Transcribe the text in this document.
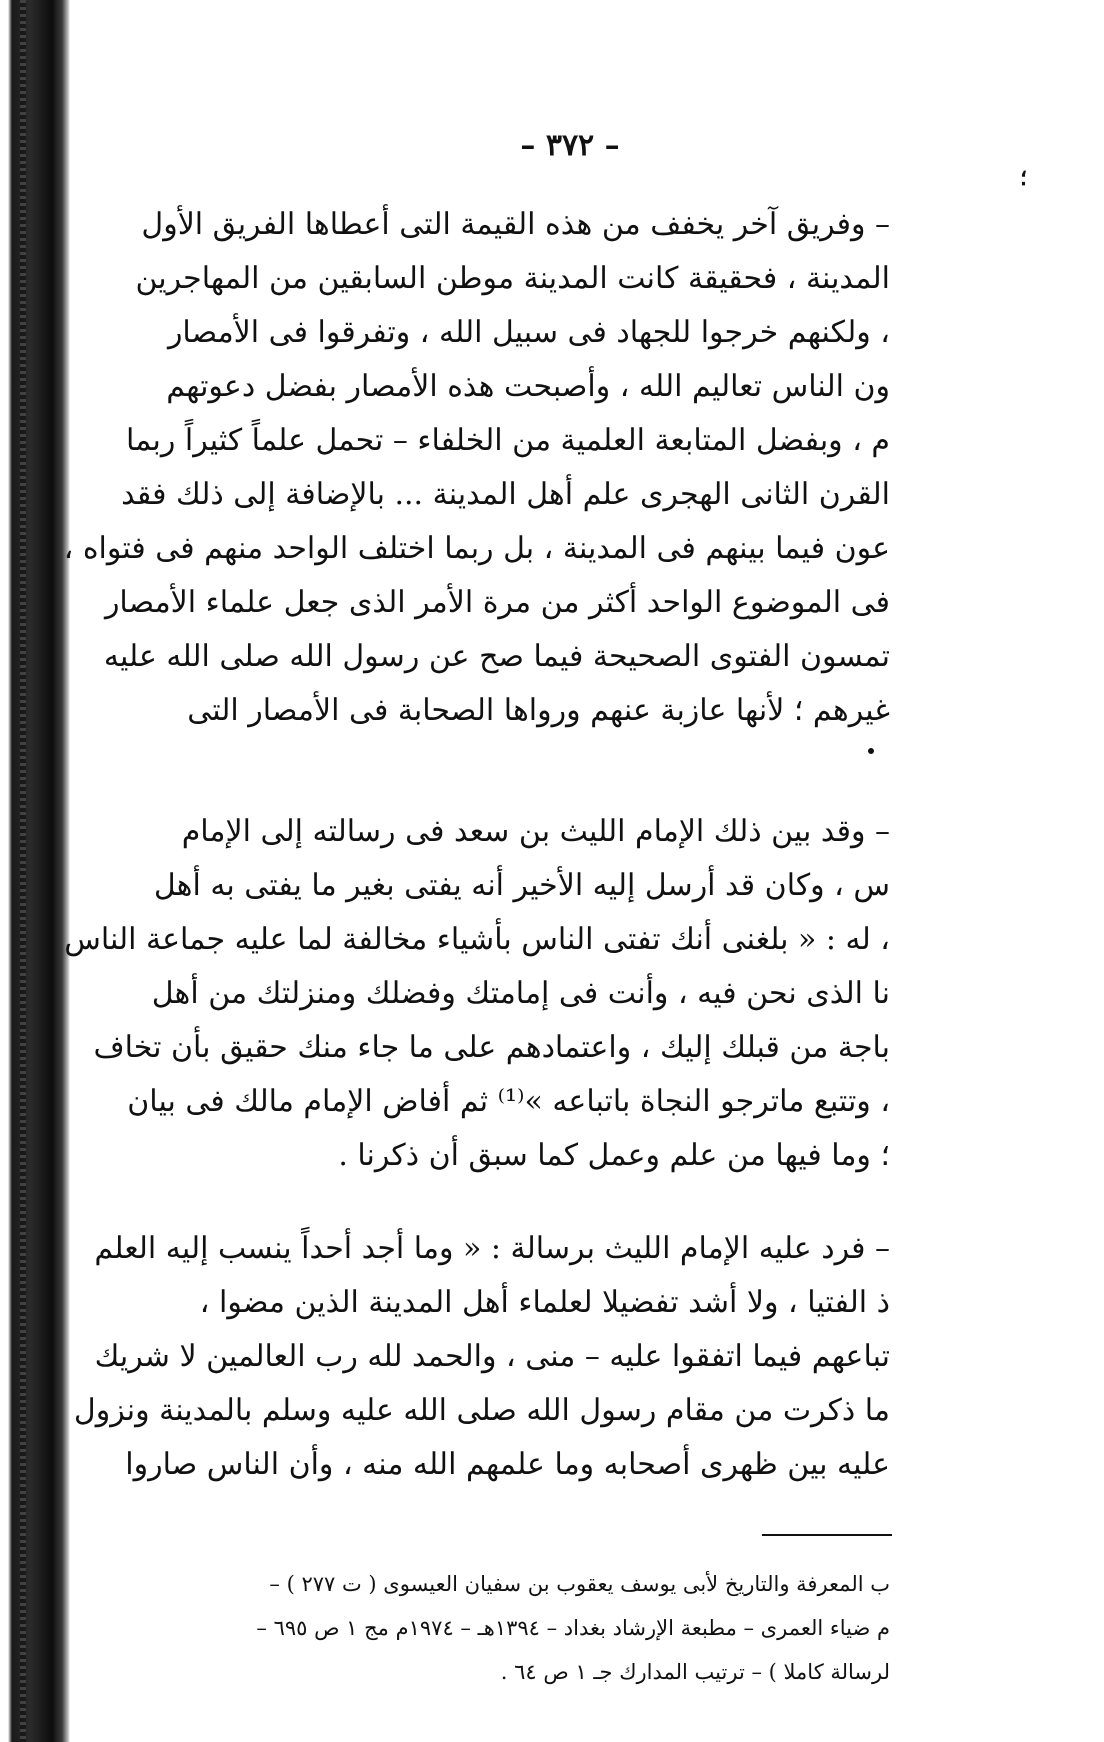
– ٣٧٢ –
؛
– وفريق آخر يخفف من هذه القيمة التى أعطاها الفريق الأول
المدينة ، فحقيقة كانت المدينة موطن السابقين من المهاجرين
، ولكنهم خرجوا للجهاد فى سبيل الله ، وتفرقوا فى الأمصار
ون الناس تعاليم الله ، وأصبحت هذه الأمصار بفضل دعوتهم
م ، وبفضل المتابعة العلمية من الخلفاء – تحمل علماً كثيراً ربما
القرن الثانى الهجرى علم أهل المدينة ... بالإضافة إلى ذلك فقد
عون فيما بينهم فى المدينة ، بل ربما اختلف الواحد منهم فى فتواه ،
فى الموضوع الواحد أكثر من مرة الأمر الذى جعل علماء الأمصار
تمسون الفتوى الصحيحة فيما صح عن رسول الله صلى الله عليه
غيرهم ؛ لأنها عازبة عنهم ورواها الصحابة فى الأمصار التى
– وقد بين ذلك الإمام الليث بن سعد فى رسالته إلى الإمام
س ، وكان قد أرسل إليه الأخير أنه يفتى بغير ما يفتى به أهل
، له : « بلغنى أنك تفتى الناس بأشياء مخالفة لما عليه جماعة الناس
نا الذى نحن فيه ، وأنت فى إمامتك وفضلك ومنزلتك من أهل
باجة من قبلك إليك ، واعتمادهم على ما جاء منك حقيق بأن تخاف
، وتتبع ماترجو النجاة باتباعه »⁽¹⁾ ثم أفاض الإمام مالك فى بيان
؛ وما فيها من علم وعمل كما سبق أن ذكرنا .
– فرد عليه الإمام الليث برسالة : « وما أجد أحداً ينسب إليه العلم
ذ الفتيا ، ولا أشد تفضيلا لعلماء أهل المدينة الذين مضوا ،
تباعهم فيما اتفقوا عليه – منى ، والحمد لله رب العالمين لا شريك
ما ذكرت من مقام رسول الله صلى الله عليه وسلم بالمدينة ونزول
عليه بين ظهرى أصحابه وما علمهم الله منه ، وأن الناس صاروا
ب المعرفة والتاريخ لأبى يوسف يعقوب بن سفيان العيسوى ( ت ٢٧٧ ) –
م ضياء العمرى – مطبعة الإرشاد بغداد – ١٣٩٤هـ – ١٩٧٤م مج ١ ص ٦٩٥ –
لرسالة كاملا ) – ترتيب المدارك جـ ١ ص ٦٤ .
